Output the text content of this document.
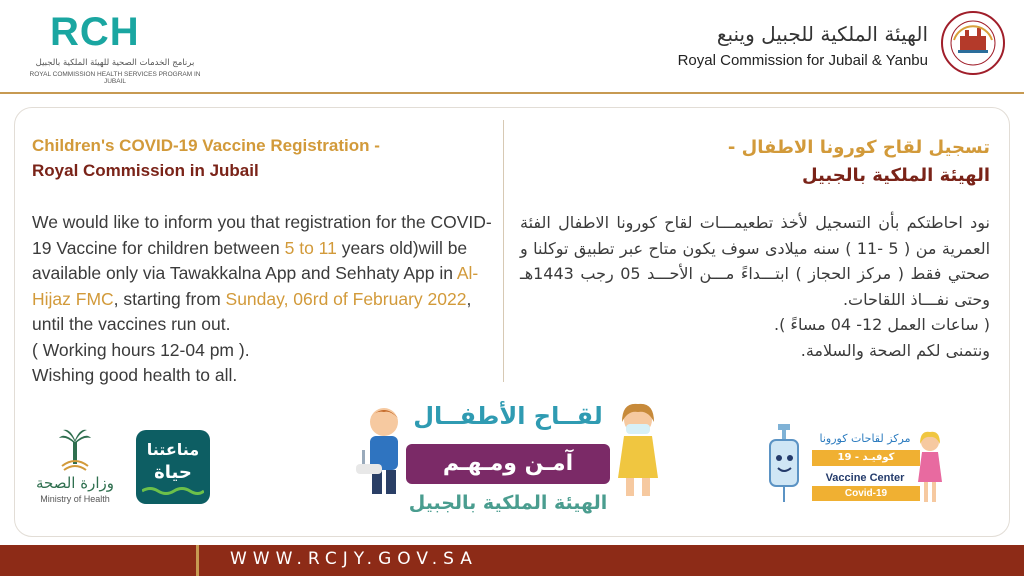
RCH
برنامج الخدمات الصحية للهيئة الملكية بالجبيل
ROYAL COMMISSION HEALTH SERVICES PROGRAM IN JUBAIL
الهيئة الملكية للجبيل وينبع
Royal Commission for Jubail & Yanbu
Children's COVID-19 Vaccine Registration -
Royal Commission in Jubail
We would like to inform you that registration for the COVID-19 Vaccine for children between 5 to 11 years old)will be available only via Tawakkalna App and Sehhaty App in Al-Hijaz FMC, starting from Sunday, 06rd of February 2022, until the vaccines run out.
( Working hours 12-04 pm ).
Wishing good health to all.
تسجيل لقاح كورونا الاطفال -
الهيئة الملكية بالجبيل
نود احاطتكم بأن التسجيل لأخذ تطعيمـــات لقاح كورونا الاطفال الفئة العمرية من ( 5 -11 ) سنه ميلادى سوف يكون متاح عبر تطبيق توكلنا و صحتي فقط ( مركز الحجاز ) ابتـــداءً مـــن الأحـــد 05 رجب 1443هـ وحتى نفـــاذ اللقاحات.
( ساعات العمل 12- 04 مساءً ).
ونتمنى لكم الصحة والسلامة.
وزارة الصحة
Ministry of Health
مناعتنا
حياة
لقــاح الأطفــال
آمـن ومـهـم
الهيئة الملكية بالجبيل
مركز لقاحات كورونا
كوفيـد - 19
Vaccine Center
Covid-19
WWW.RCJY.GOV.SA
